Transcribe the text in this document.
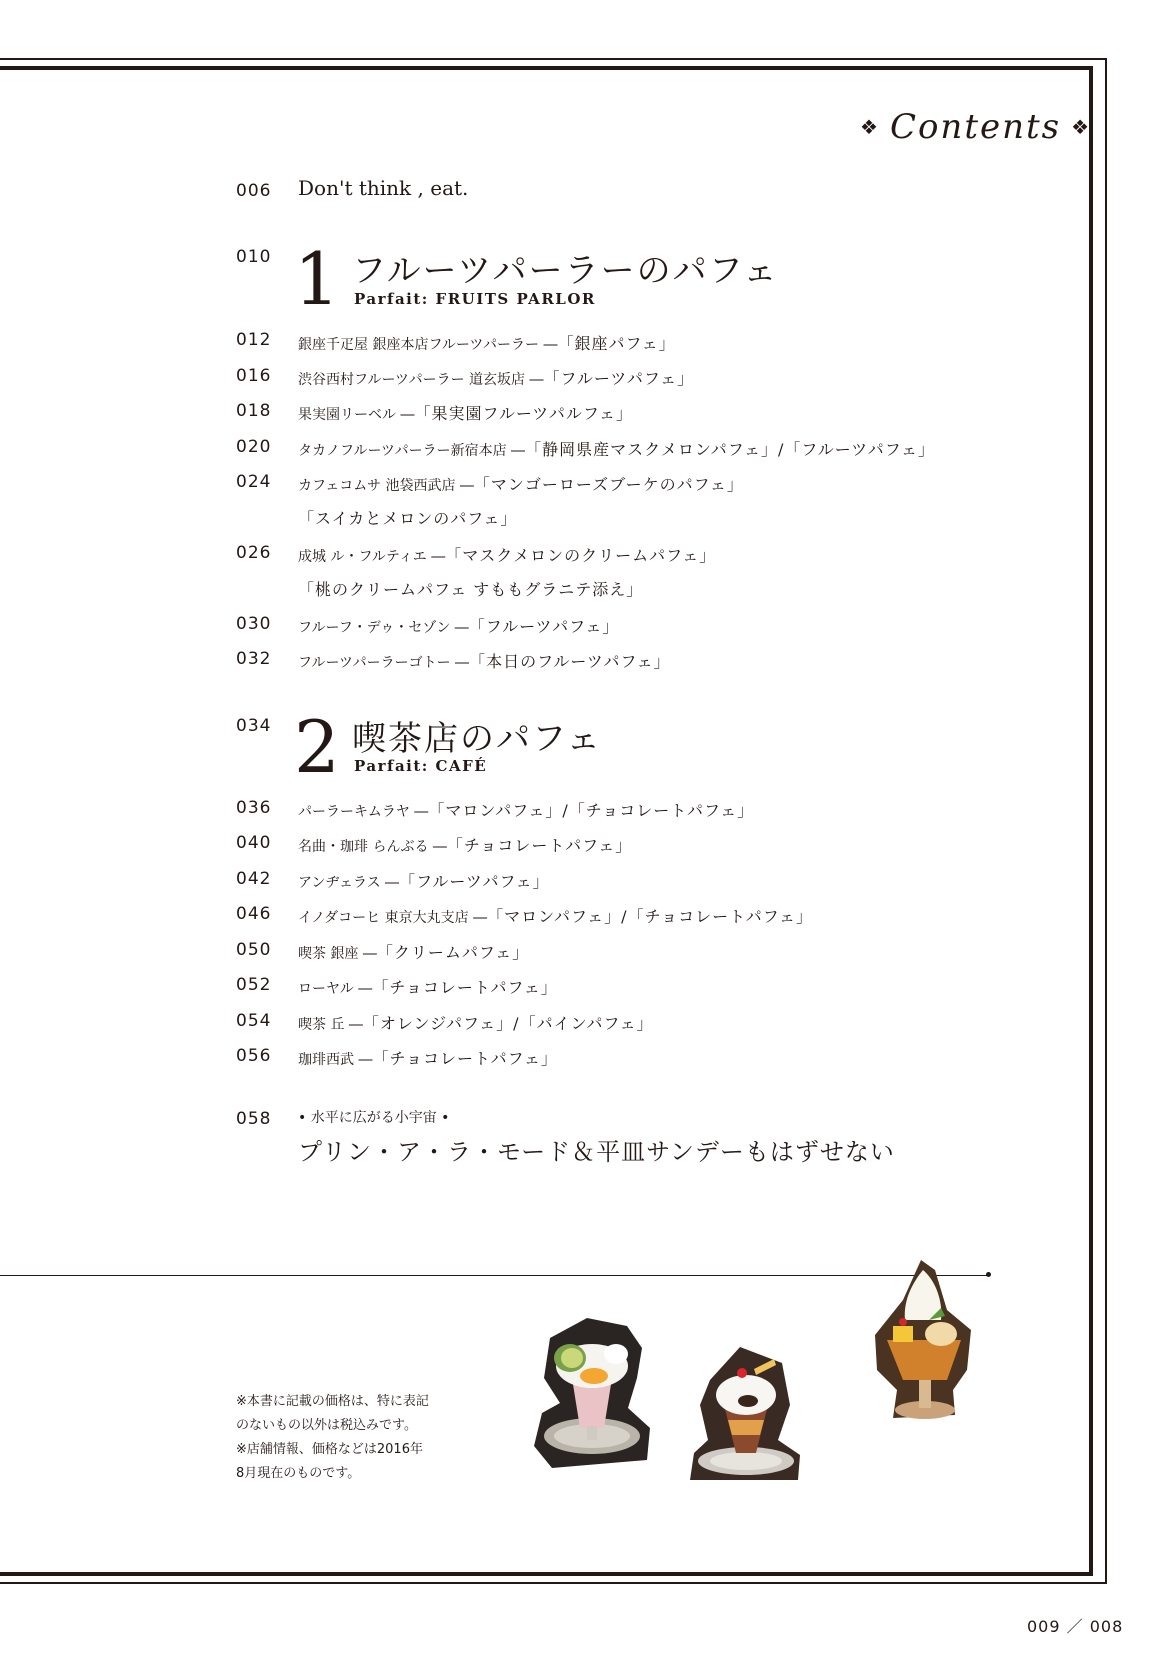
❖ Contents ❖
006 Don't think , eat.
010 1 フルーツパーラーのパフェ
Parfait: FRUITS PARLOR
012 銀座千疋屋 銀座本店フルーツパーラー ―「銀座パフェ」
016 渋谷西村フルーツパーラー 道玄坂店 ―「フルーツパフェ」
018 果実園リーベル ―「果実園フルーツパルフェ」
020 タカノフルーツパーラー新宿本店 ―「静岡県産マスクメロンパフェ」/「フルーツパフェ」
024 カフェコムサ 池袋西武店 ―「マンゴーローズブーケのパフェ」
「スイカとメロンのパフェ」
026 成城 ル・フルティエ ―「マスクメロンのクリームパフェ」
「桃のクリームパフェ すももグラニテ添え」
030 フルーフ・デゥ・セゾン ―「フルーツパフェ」
032 フルーツパーラーゴトー ―「本日のフルーツパフェ」
034 2 喫茶店のパフェ
Parfait: CAFÉ
036 パーラーキムラヤ ―「マロンパフェ」/「チョコレートパフェ」
040 名曲・珈琲 らんぶる ―「チョコレートパフェ」
042 アンヂェラス ―「フルーツパフェ」
046 イノダコーヒ 東京大丸支店 ―「マロンパフェ」/「チョコレートパフェ」
050 喫茶 銀座 ―「クリームパフェ」
052 ローヤル ―「チョコレートパフェ」
054 喫茶 丘 ―「オレンジパフェ」/「パインパフェ」
056 珈琲西武 ―「チョコレートパフェ」
058 • 水平に広がる小宇宙 •
プリン・ア・ラ・モード＆平皿サンデーもはずせない
※本書に記載の価格は、特に表記
のないもの以外は税込みです。
※店舗情報、価格などは2016年
8月現在のものです。
009 ／ 008
